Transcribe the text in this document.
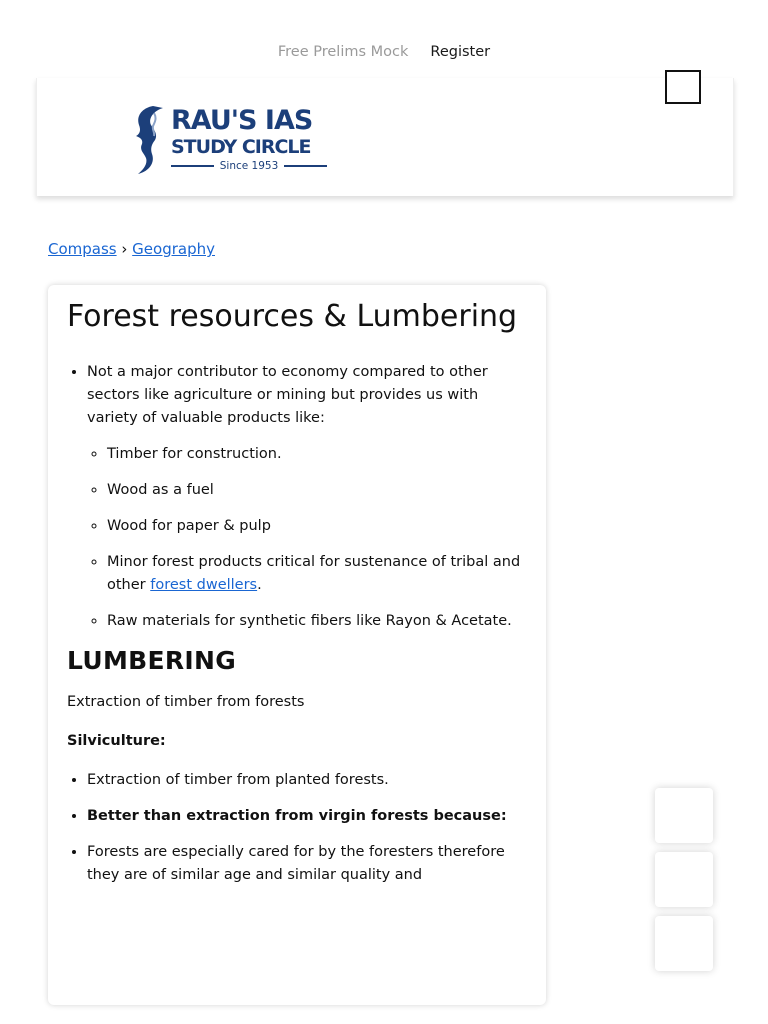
Free Prelims Mock Register
RAU'S IAS
STUDY CIRCLE
Since 1953
Compass › Geography
Forest resources & Lumbering
• Not a major contributor to economy compared to other sectors like agriculture or mining but provides us with variety of valuable products like:
◦ Timber for construction.
◦ Wood as a fuel
◦ Wood for paper & pulp
◦ Minor forest products critical for sustenance of tribal and other forest dwellers.
◦ Raw materials for synthetic fibers like Rayon & Acetate.
LUMBERING

Extraction of timber from forests

Silviculture:

• Extraction of timber from planted forests.
• Better than extraction from virgin forests because:
• Forests are especially cared for by the foresters therefore they are of similar age and similar quality and
